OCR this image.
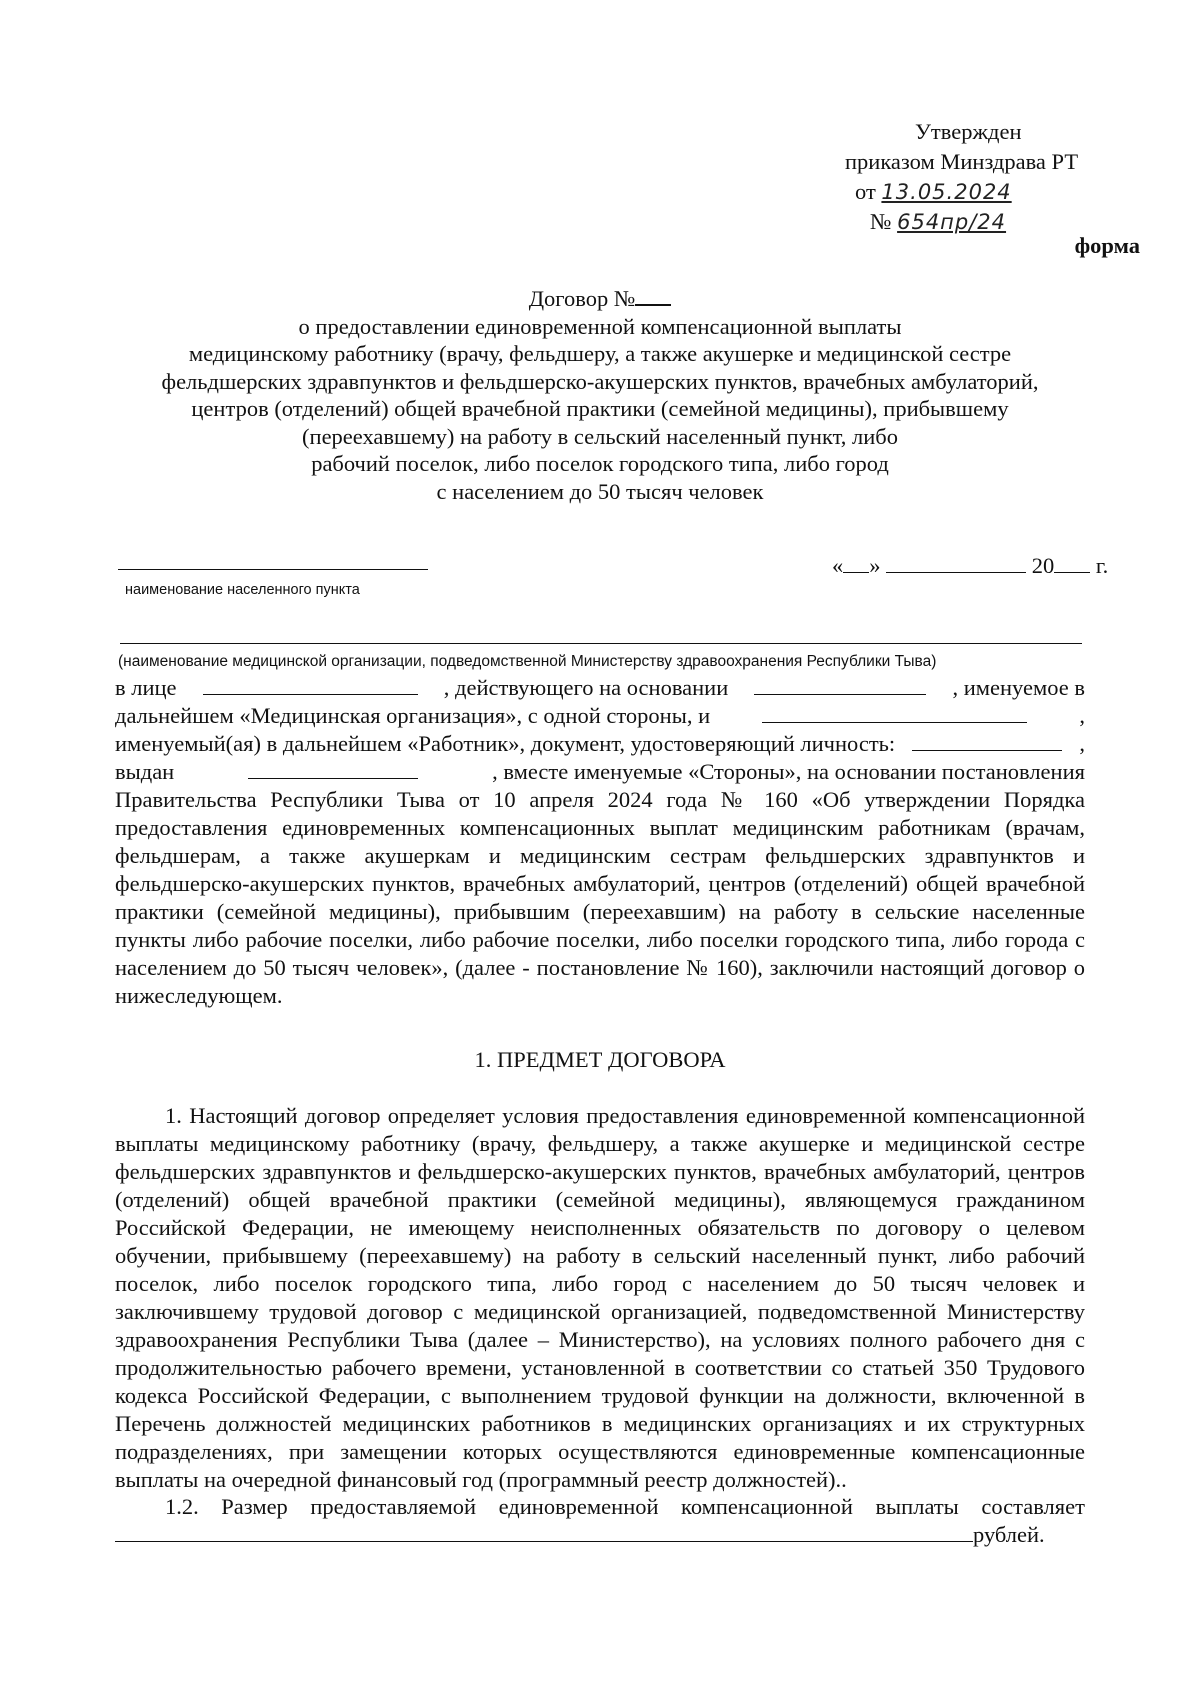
Утвержден
приказом Минздрава РТ
от 13.05.2024
№ 654пр/24
форма
Договор №
о предоставлении единовременной компенсационной выплаты
медицинскому работнику (врачу, фельдшеру, а также акушерке и медицинской сестре
фельдшерских здравпунктов и фельдшерско-акушерских пунктов, врачебных амбулаторий,
центров (отделений) общей врачебной практики (семейной медицины), прибывшему
(переехавшему) на работу в сельский населенный пункт, либо
рабочий поселок, либо поселок городского типа, либо город
с населением до 50 тысяч человек
наименование населенного пункта
« »	20 г.
(наименование медицинской организации, подведомственной Министерству здравоохранения Республики Тыва)
в лице	, действующего на основании	, именуемое в
дальнейшем «Медицинская организация», с одной стороны, и	,
именуемый(ая) в дальнейшем «Работник», документ, удостоверяющий личность:	,
выдан	, вместе именуемые «Стороны», на основании постановления
Правительства Республики Тыва от 10 апреля 2024 года № 160 «Об утверждении Порядка предоставления единовременных компенсационных выплат медицинским работникам (врачам, фельдшерам, а также акушеркам и медицинским сестрам фельдшерских здравпунктов и фельдшерско-акушерских пунктов, врачебных амбулаторий, центров (отделений) общей врачебной практики (семейной медицины), прибывшим (переехавшим) на работу в сельские населенные пункты либо рабочие поселки, либо рабочие поселки, либо поселки городского типа, либо города с населением до 50 тысяч человек», (далее - постановление № 160), заключили настоящий договор о нижеследующем.
1. ПРЕДМЕТ ДОГОВОРА
1. Настоящий договор определяет условия предоставления единовременной компенсационной выплаты медицинскому работнику (врачу, фельдшеру, а также акушерке и медицинской сестре фельдшерских здравпунктов и фельдшерско-акушерских пунктов, врачебных амбулаторий, центров (отделений) общей врачебной практики (семейной медицины), являющемуся гражданином Российской Федерации, не имеющему неисполненных обязательств по договору о целевом обучении, прибывшему (переехавшему) на работу в сельский населенный пункт, либо рабочий поселок, либо поселок городского типа, либо город с населением до 50 тысяч человек и заключившему трудовой договор с медицинской организацией, подведомственной Министерству здравоохранения Республики Тыва (далее – Министерство), на условиях полного рабочего дня с продолжительностью рабочего времени, установленной в соответствии со статьей 350 Трудового кодекса Российской Федерации, с выполнением трудовой функции на должности, включенной в Перечень должностей медицинских работников в медицинских организациях и их структурных подразделениях, при замещении которых осуществляются единовременные компенсационные выплаты на очередной финансовый год (программный реестр должностей)..
1.2. Размер предоставляемой единовременной компенсационной выплаты составляет
рублей.
